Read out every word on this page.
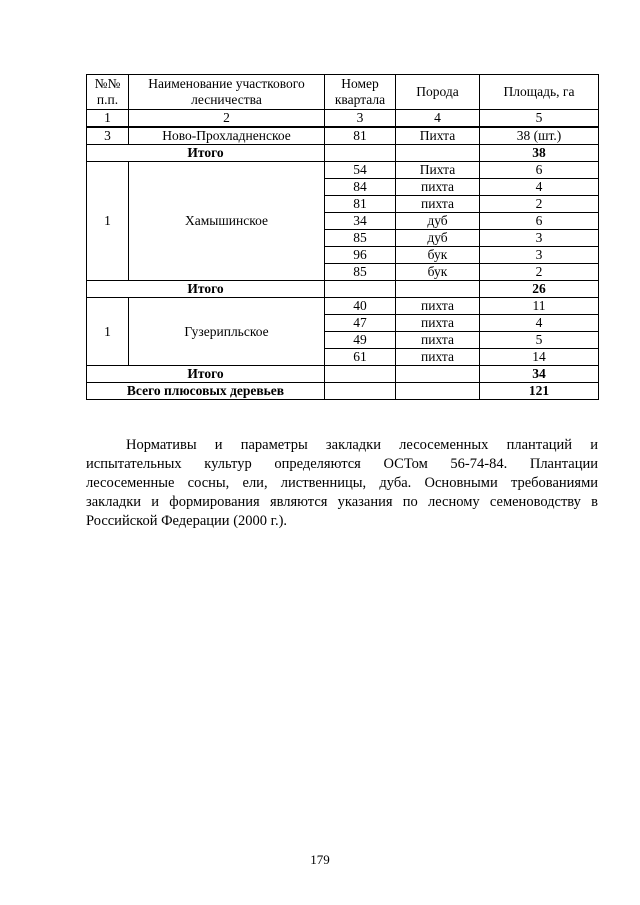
№№ п.п.	Наименование участкового лесничества	Номер квартала	Порода	Площадь, га
1	2	3	4	5
3	Ново-Прохладненское	81	Пихта	38 (шт.)
Итого				38
1	Хамышинское	54	Пихта	6
		84	пихта	4
		81	пихта	2
		34	дуб	6
		85	дуб	3
		96	бук	3
		85	бук	2
Итого				26
1	Гузерипльское	40	пихта	11
		47	пихта	4
		49	пихта	5
		61	пихта	14
Итого				34
Всего плюсовых деревьев				121

Нормативы и параметры закладки лесосеменных плантаций и
испытательных культур определяются ОСТом 56-74-84. Плантации
лесосеменные сосны, ели, лиственницы, дуба. Основными требованиями
закладки и формирования являются указания по лесному семеноводству в
Российской Федерации (2000 г.).

179
